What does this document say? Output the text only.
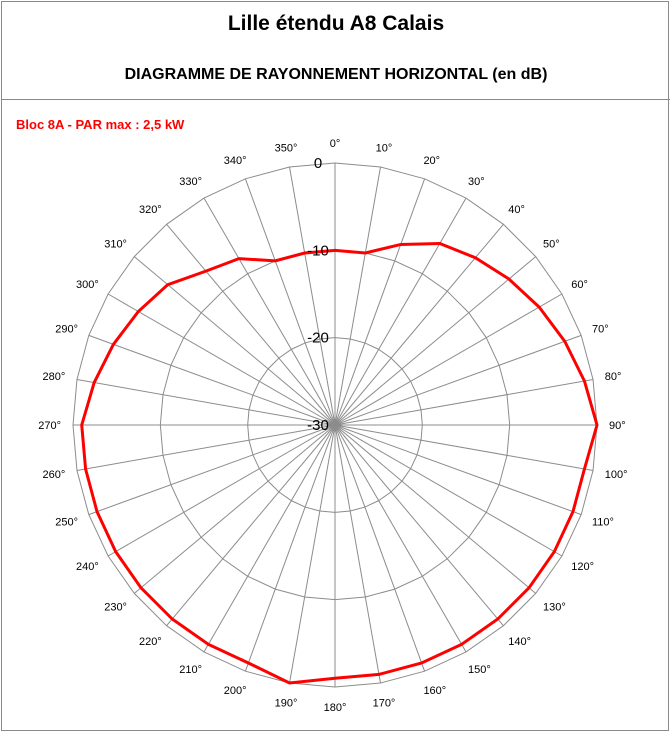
Lille étendu A8 Calais
DIAGRAMME DE RAYONNEMENT HORIZONTAL (en dB)
Bloc 8A - PAR max : 2,5 kW
0°	10°
20°
30°
40°
50°
60°
70°
80°
90°
100°
110°
120°
130°
140°
150°
160°
170°
180°
190°
200°
210°
220°
230°
240°
250°
260°
270°
280°
290°
300°
310°
320°
330°
340°
350°
0
-10
-20
-30
